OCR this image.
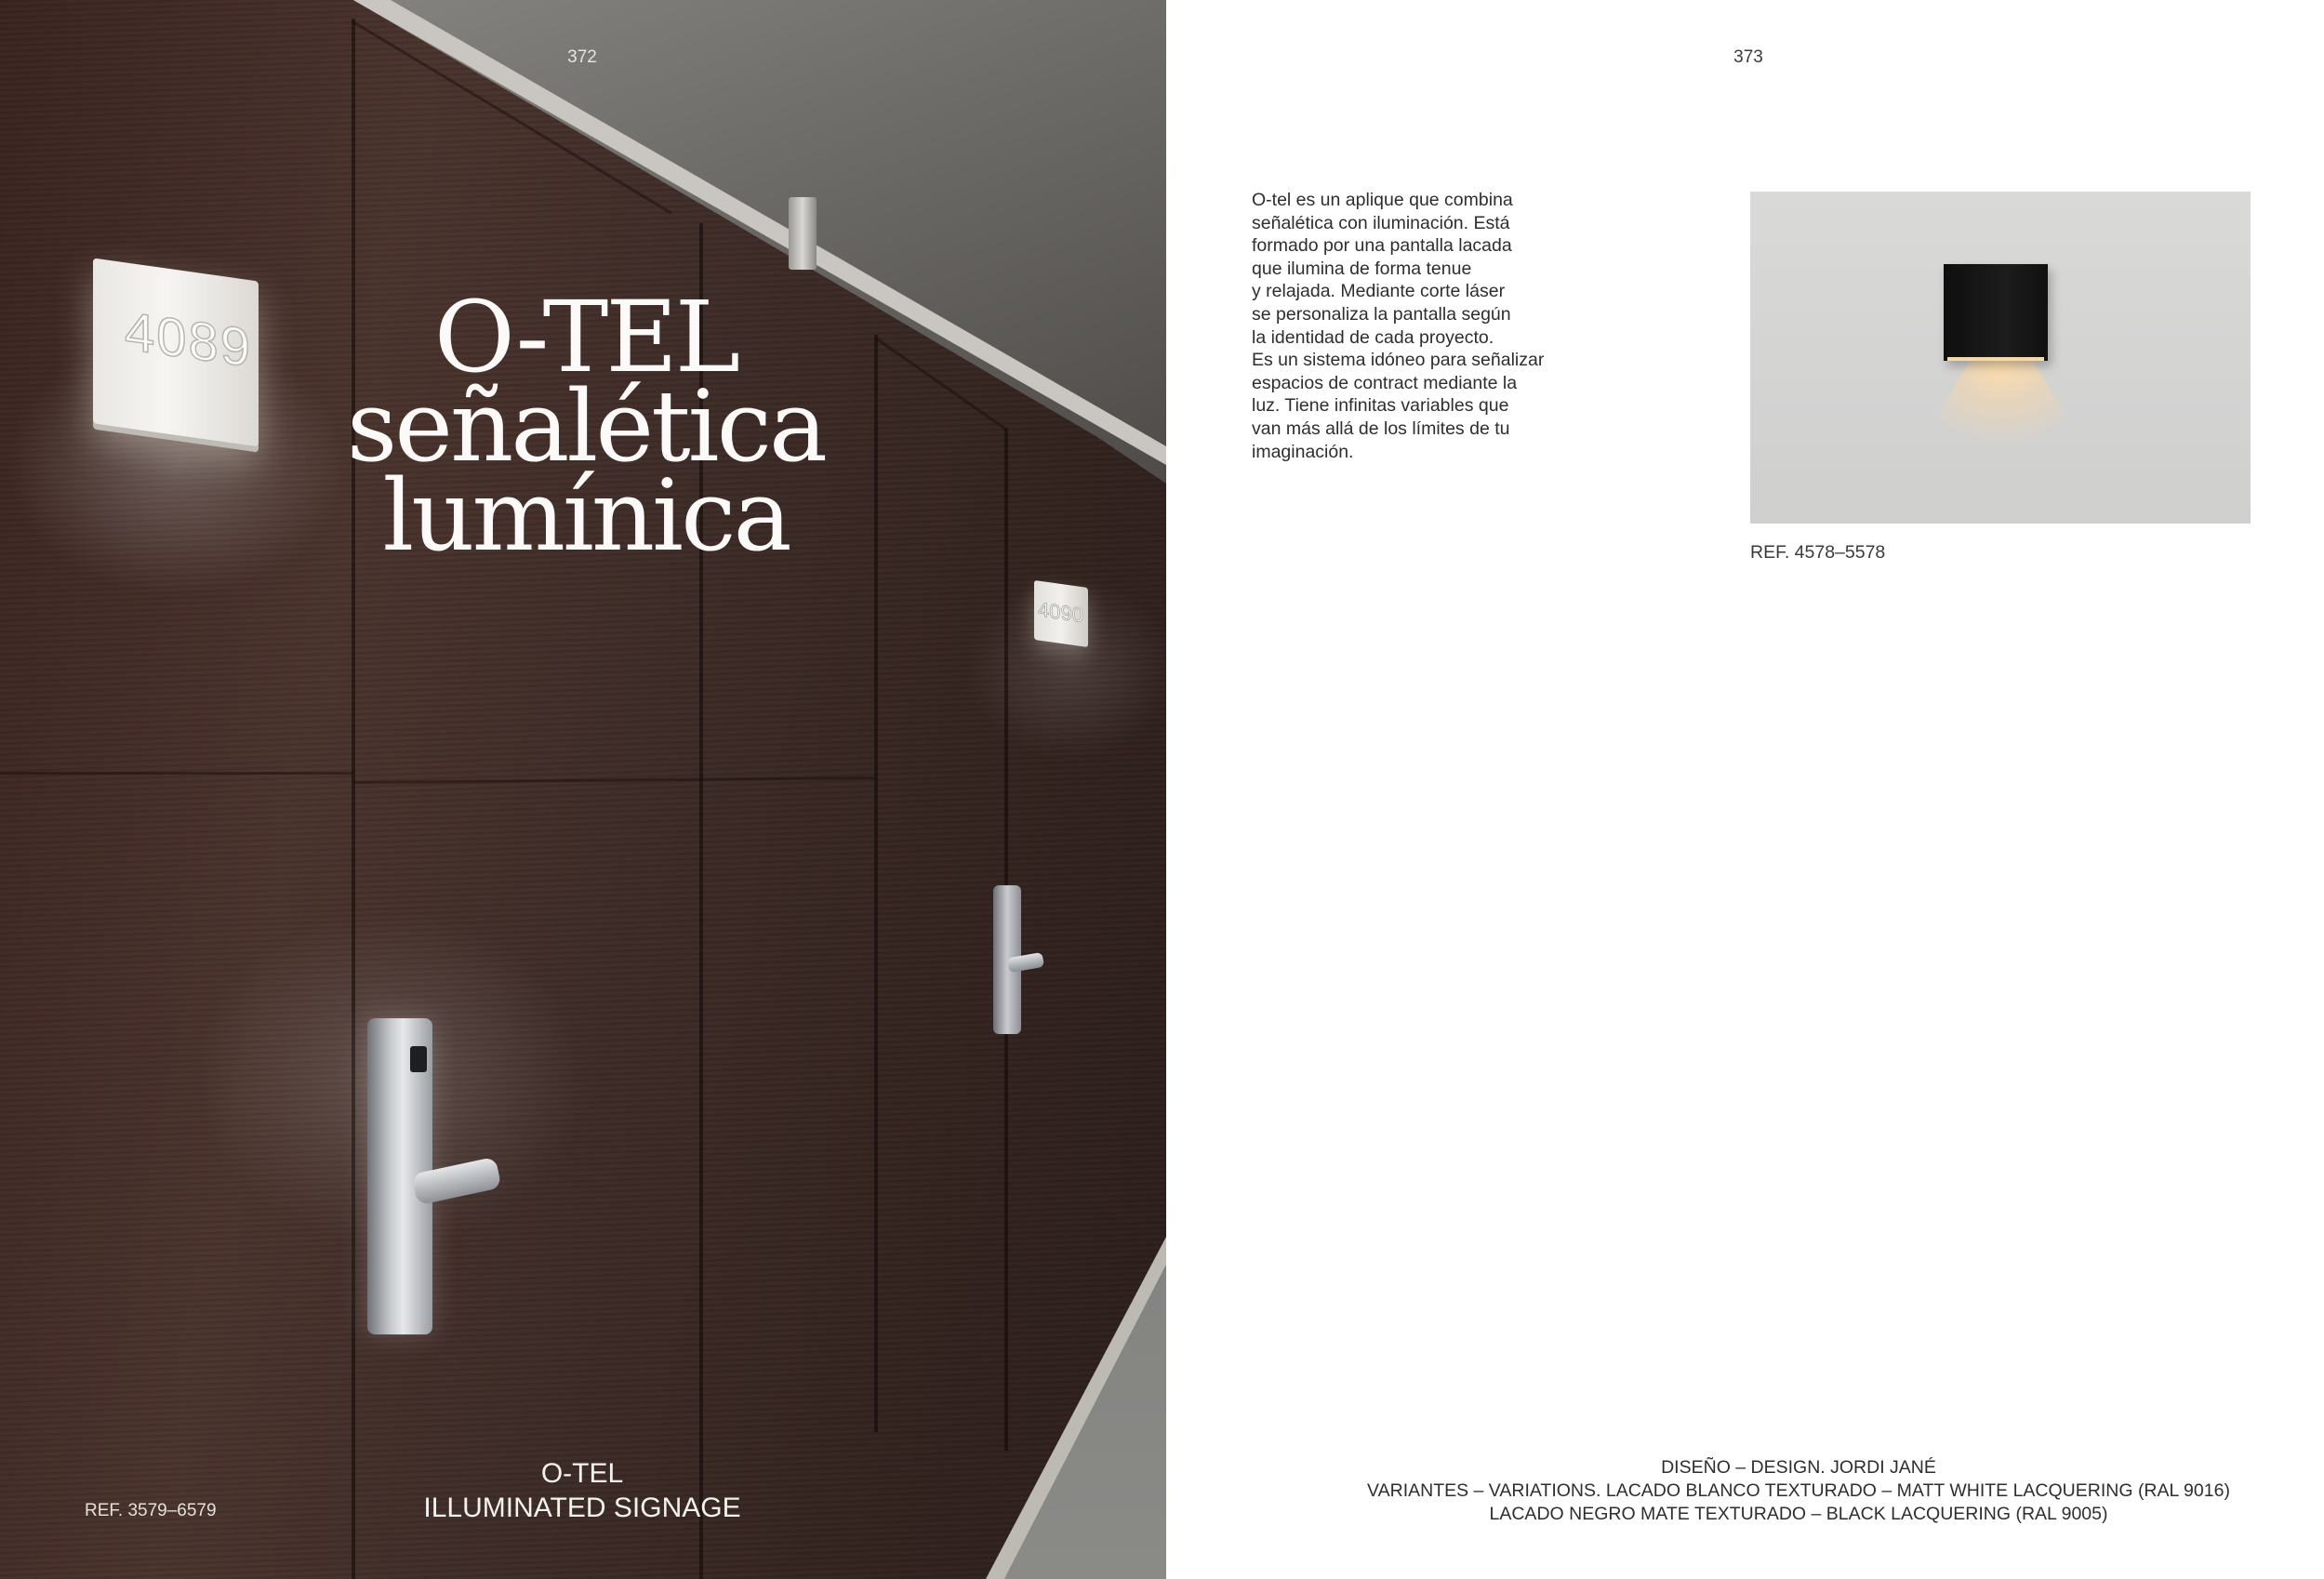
4089
4090
372
O-TEL
señalética
lumínica
O-TEL
ILLUMINATED SIGNAGE
REF. 3579–6579
373
O-tel es un aplique que combina
señalética con iluminación. Está
formado por una pantalla lacada
que ilumina de forma tenue
y relajada. Mediante corte láser
se personaliza la pantalla según
la identidad de cada proyecto.
Es un sistema idóneo para señalizar
espacios de contract mediante la
luz. Tiene infinitas variables que
van más allá de los límites de tu
imaginación.
REF. 4578–5578
DISEÑO – DESIGN. JORDI JANÉ
VARIANTES – VARIATIONS. LACADO BLANCO TEXTURADO – MATT WHITE LACQUERING (RAL 9016)
LACADO NEGRO MATE TEXTURADO – BLACK LACQUERING (RAL 9005)
